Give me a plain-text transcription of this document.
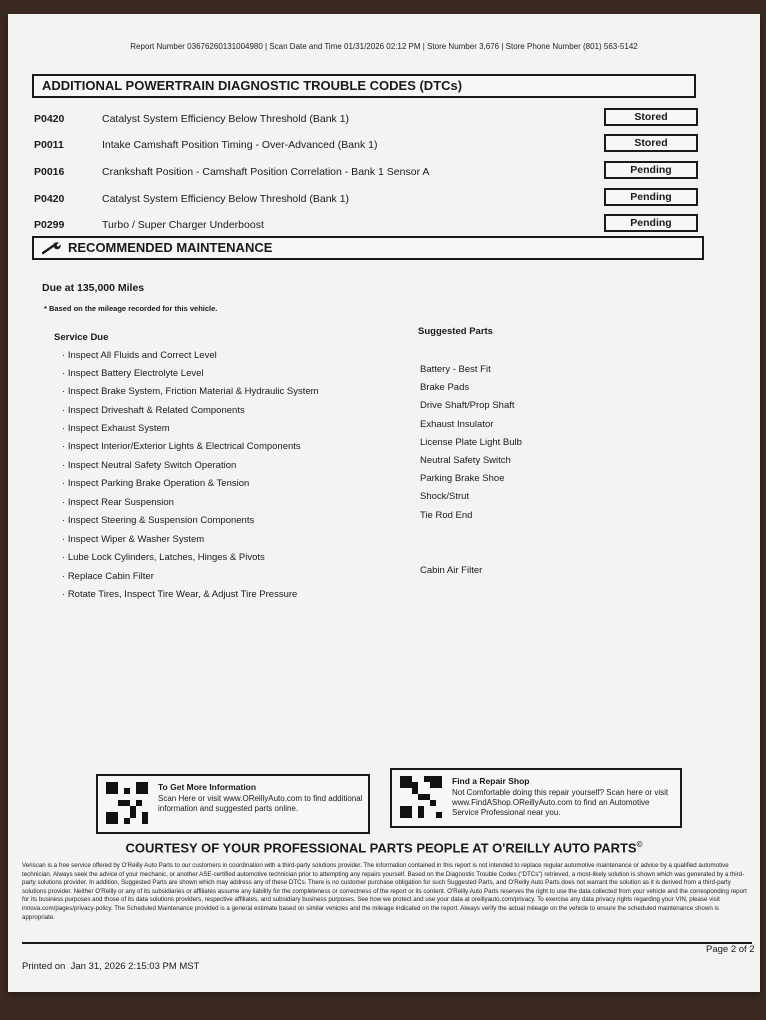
Report Number 03676260131004980 | Scan Date and Time 01/31/2026 02:12 PM | Store Number 3,676 | Store Phone Number (801) 563-5142
ADDITIONAL POWERTRAIN DIAGNOSTIC TROUBLE CODES (DTCs)
P0420	Catalyst System Efficiency Below Threshold (Bank 1)	Stored
P0011	Intake Camshaft Position Timing - Over-Advanced (Bank 1)	Stored
P0016	Crankshaft Position - Camshaft Position Correlation - Bank 1 Sensor A	Pending
P0420	Catalyst System Efficiency Below Threshold (Bank 1)	Pending
P0299	Turbo / Super Charger Underboost	Pending
RECOMMENDED MAINTENANCE
Due at 135,000 Miles
* Based on the mileage recorded for this vehicle.
Service Due
Suggested Parts
· Inspect All Fluids and Correct Level
· Inspect Battery Electrolyte Level
· Inspect Brake System, Friction Material & Hydraulic System
· Inspect Driveshaft & Related Components
· Inspect Exhaust System
· Inspect Interior/Exterior Lights & Electrical Components
· Inspect Neutral Safety Switch Operation
· Inspect Parking Brake Operation & Tension
· Inspect Rear Suspension
· Inspect Steering & Suspension Components
· Inspect Wiper & Washer System
· Lube Lock Cylinders, Latches, Hinges & Pivots
· Replace Cabin Filter
· Rotate Tires, Inspect Tire Wear, & Adjust Tire Pressure
Battery - Best Fit
Brake Pads
Drive Shaft/Prop Shaft
Exhaust Insulator
License Plate Light Bulb
Neutral Safety Switch
Parking Brake Shoe
Shock/Strut
Tie Rod End
Cabin Air Filter
To Get More Information
Scan Here or visit www.OReillyAuto.com to find additional information and suggested parts online.
Find a Repair Shop
Not Comfortable doing this repair yourself? Scan here or visit www.FindAShop.OReillyAuto.com to find an Automotive Service Professional near you.
COURTESY OF YOUR PROFESSIONAL PARTS PEOPLE AT O'REILLY AUTO PARTS©
Veriscan is a free service offered by O'Reilly Auto Parts to our customers in coordination with a third-party solutions provider. The information contained in this report is not intended to replace regular automotive maintenance or advice by a qualified automotive technician. Always seek the advice of your mechanic, or another ASE-certified automotive technician prior to attempting any repairs yourself. Based on the Diagnostic Trouble Codes ("DTCs") retrieved, a most-likely solution is shown which was generated by a third-party solutions provider. In addition, Suggested Parts are shown which may address any of these DTCs. There is no customer purchase obligation for such Suggested Parts, and O'Reilly Auto Parts does not warrant the solution as it is derived from a third-party solutions provider. Neither O'Reilly or any of its subsidiaries or affiliates assume any liability for the completeness or correctness of the report or its content. O'Reilly Auto Parts reserves the right to use the data collected from your vehicle and the corresponding report for its business purposes and those of its data solutions providers, respective affiliates, and subsidiary business purposes. See how we protect and use your data at oreillyauto.com/privacy. To exercise any data privacy rights regarding your VIN, please visit innova.com/pages/privacy-policy. The Scheduled Maintenance provided is a general estimate based on similar vehicles and the mileage indicated on the report. Always verify the actual mileage on the vehicle to ensure the scheduled maintenance shown is appropriate.
Printed on Jan 31, 2026 2:15:03 PM MST
Page 2 of 2
